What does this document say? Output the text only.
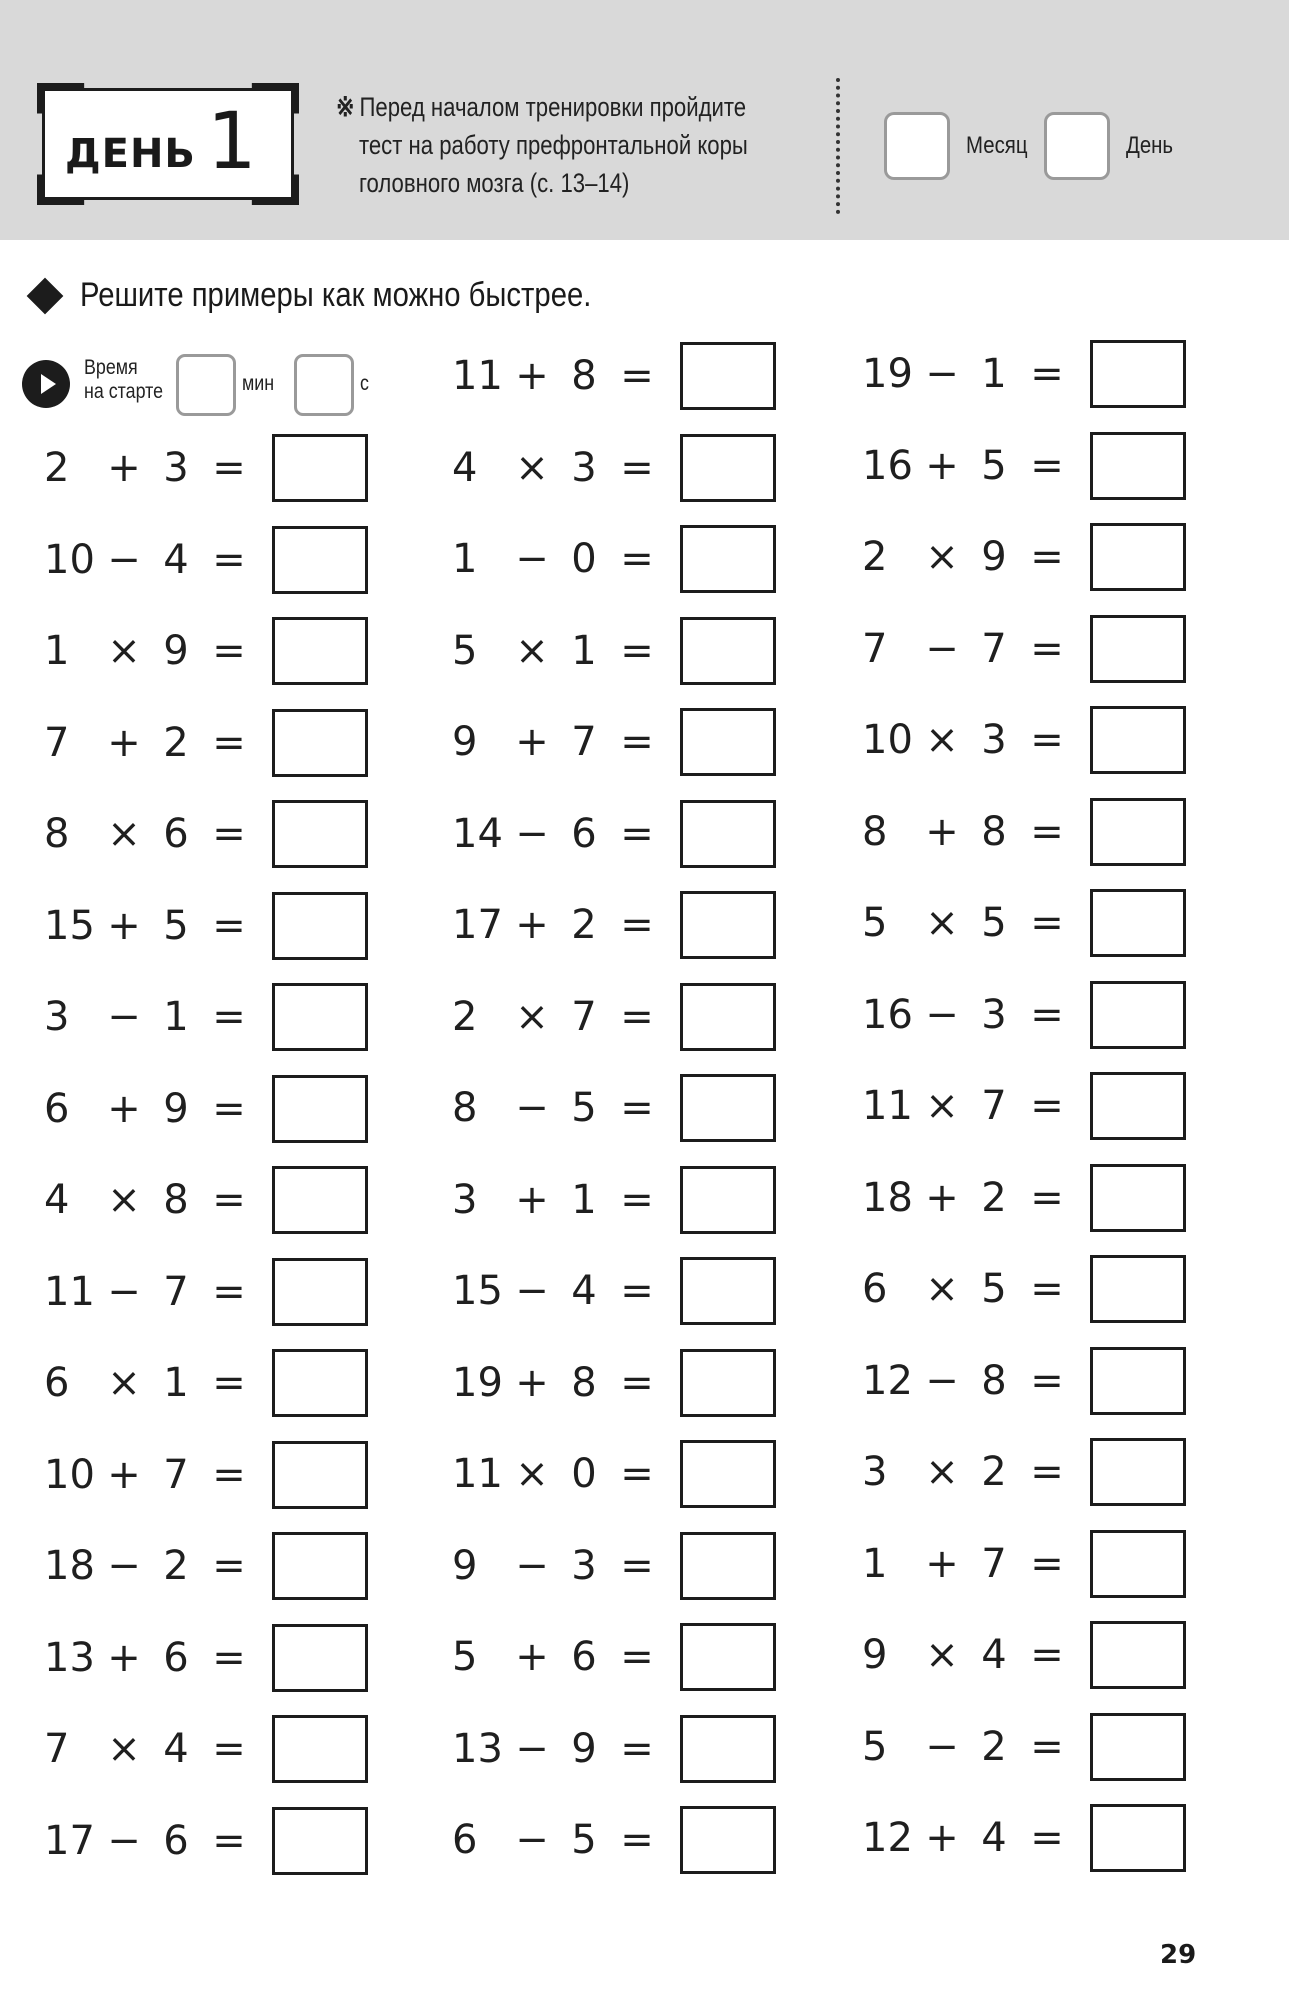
ДЕНЬ 1	※ Перед началом тренировки пройдите
тест на работу префронтальной коры
головного мозга (с. 13–14)
Месяц	День
Решите примеры как можно быстрее.
Время
на старте	мин	с
2 + 3 =
10 − 4 =
1 × 9 =
7 + 2 =
8 × 6 =
15 + 5 =
3 − 1 =
6 + 9 =
4 × 8 =
11 − 7 =
6 × 1 =
10 + 7 =
18 − 2 =
13 + 6 =
7 × 4 =
17 − 6 =
11 + 8 =
4 × 3 =
1 − 0 =
5 × 1 =
9 + 7 =
14 − 6 =
17 + 2 =
2 × 7 =
8 − 5 =
3 + 1 =
15 − 4 =
19 + 8 =
11 × 0 =
9 − 3 =
5 + 6 =
13 − 9 =
6 − 5 =
19 − 1 =
16 + 5 =
2 × 9 =
7 − 7 =
10 × 3 =
8 + 8 =
5 × 5 =
16 − 3 =
11 × 7 =
18 + 2 =
6 × 5 =
12 − 8 =
3 × 2 =
1 + 7 =
9 × 4 =
5 − 2 =
12 + 4 =
29
